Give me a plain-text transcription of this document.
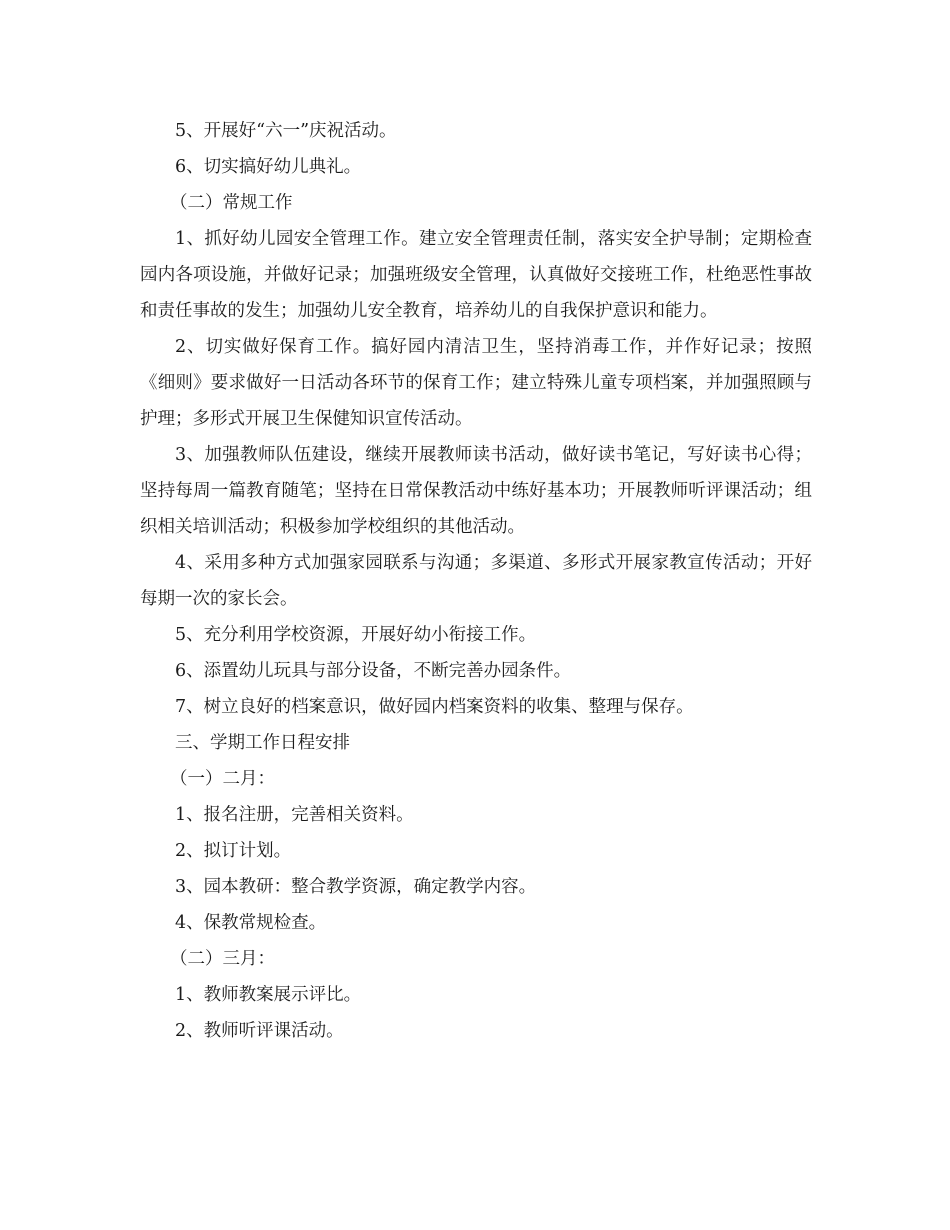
5、开展好“六一”庆祝活动。

6、切实搞好幼儿典礼。

（二）常规工作

1、抓好幼儿园安全管理工作。建立安全管理责任制，落实安全护导制；定期检查园内各项设施，并做好记录；加强班级安全管理，认真做好交接班工作，杜绝恶性事故和责任事故的发生；加强幼儿安全教育，培养幼儿的自我保护意识和能力。

2、切实做好保育工作。搞好园内清洁卫生，坚持消毒工作，并作好记录；按照《细则》要求做好一日活动各环节的保育工作；建立特殊儿童专项档案，并加强照顾与护理；多形式开展卫生保健知识宣传活动。

3、加强教师队伍建设，继续开展教师读书活动，做好读书笔记，写好读书心得；坚持每周一篇教育随笔；坚持在日常保教活动中练好基本功；开展教师听评课活动；组织相关培训活动；积极参加学校组织的其他活动。

4、采用多种方式加强家园联系与沟通；多渠道、多形式开展家教宣传活动；开好每期一次的家长会。

5、充分利用学校资源，开展好幼小衔接工作。

6、添置幼儿玩具与部分设备，不断完善办园条件。

7、树立良好的档案意识，做好园内档案资料的收集、整理与保存。

三、学期工作日程安排

（一）二月：

1、报名注册，完善相关资料。

2、拟订计划。

3、园本教研：整合教学资源，确定教学内容。

4、保教常规检查。

（二）三月：

1、教师教案展示评比。

2、教师听评课活动。
